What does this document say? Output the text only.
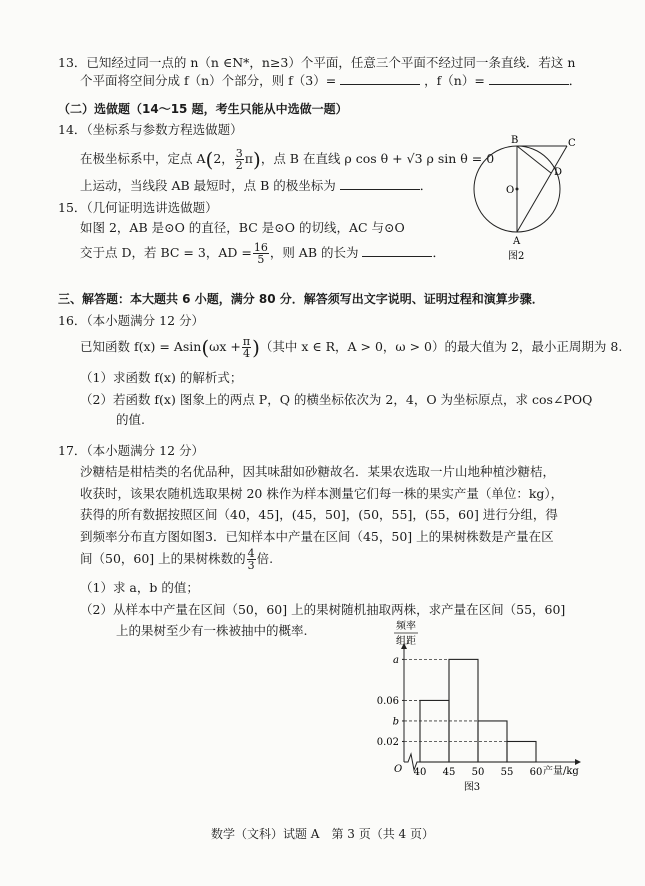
13．已知经过同一点的 n（n ∈N*，n≥3）个平面，任意三个平面不经过同一条直线．若这 n
个平面将空间分成 f（n）个部分，则 f（3）=	，f（n）=	．
（二）选做题（14～15 题，考生只能从中选做一题）
14．（坐标系与参数方程选做题）
在极坐标系中，定点 A(2， $\frac{3}{2} \pi$)，点 B 在直线 ρ cos θ + √3 ρ sin θ = 0
上运动，当线段 AB 最短时，点 B 的极坐标为	．
15．（几何证明选讲选做题）
如图 2，AB 是⊙O 的直径，BC 是⊙O 的切线，AC 与⊙O
交于点 D，若 BC = 3，AD = $\frac{16}{5}$ ，则 AB 的长为	．
B	C
D
O
A
图2
三、解答题：本大题共 6 小题，满分 80 分．解答须写出文字说明、证明过程和演算步骤．
16．（本小题满分 12 分）
已知函数 $f(x) = Asin(\omega x + \frac{\pi}{4}$ )（其中 x ∈ R，A > 0，ω > 0）的最大值为 2，最小正周期为 8.
（1）求函数 f(x) 的解析式；
（2）若函数 f(x) 图象上的两点 P，Q 的横坐标依次为 2，4，O 为坐标原点，求 cos∠POQ
的值.
17．（本小题满分 12 分）
沙糖桔是柑桔类的名优品种，因其味甜如砂糖故名．某果农选取一片山地种植沙糖桔，
收获时，该果农随机选取果树 20 株作为样本测量它们每一株的果实产量（单位：kg），
获得的所有数据按照区间（40，45]，(45，50]，(50，55]，(55，60] 进行分组，得
到频率分布直方图如图3．已知样本中产量在区间（45，50] 上的果树株数是产量在区
间（50，60] 上的果树株数的 $\frac{4}{3}$ 倍.
（1）求 a，b 的值；
（2）从样本中产量在区间（50，60] 上的果树随机抽取两株，求产量在区间（55，60]
上的果树至少有一株被抽中的概率.	频率
组距
O	产量/kg
图3
a
0.06
b
0.02
40 45 50 55 60
数学（文科）试题 A　第 3 页（共 4 页）
